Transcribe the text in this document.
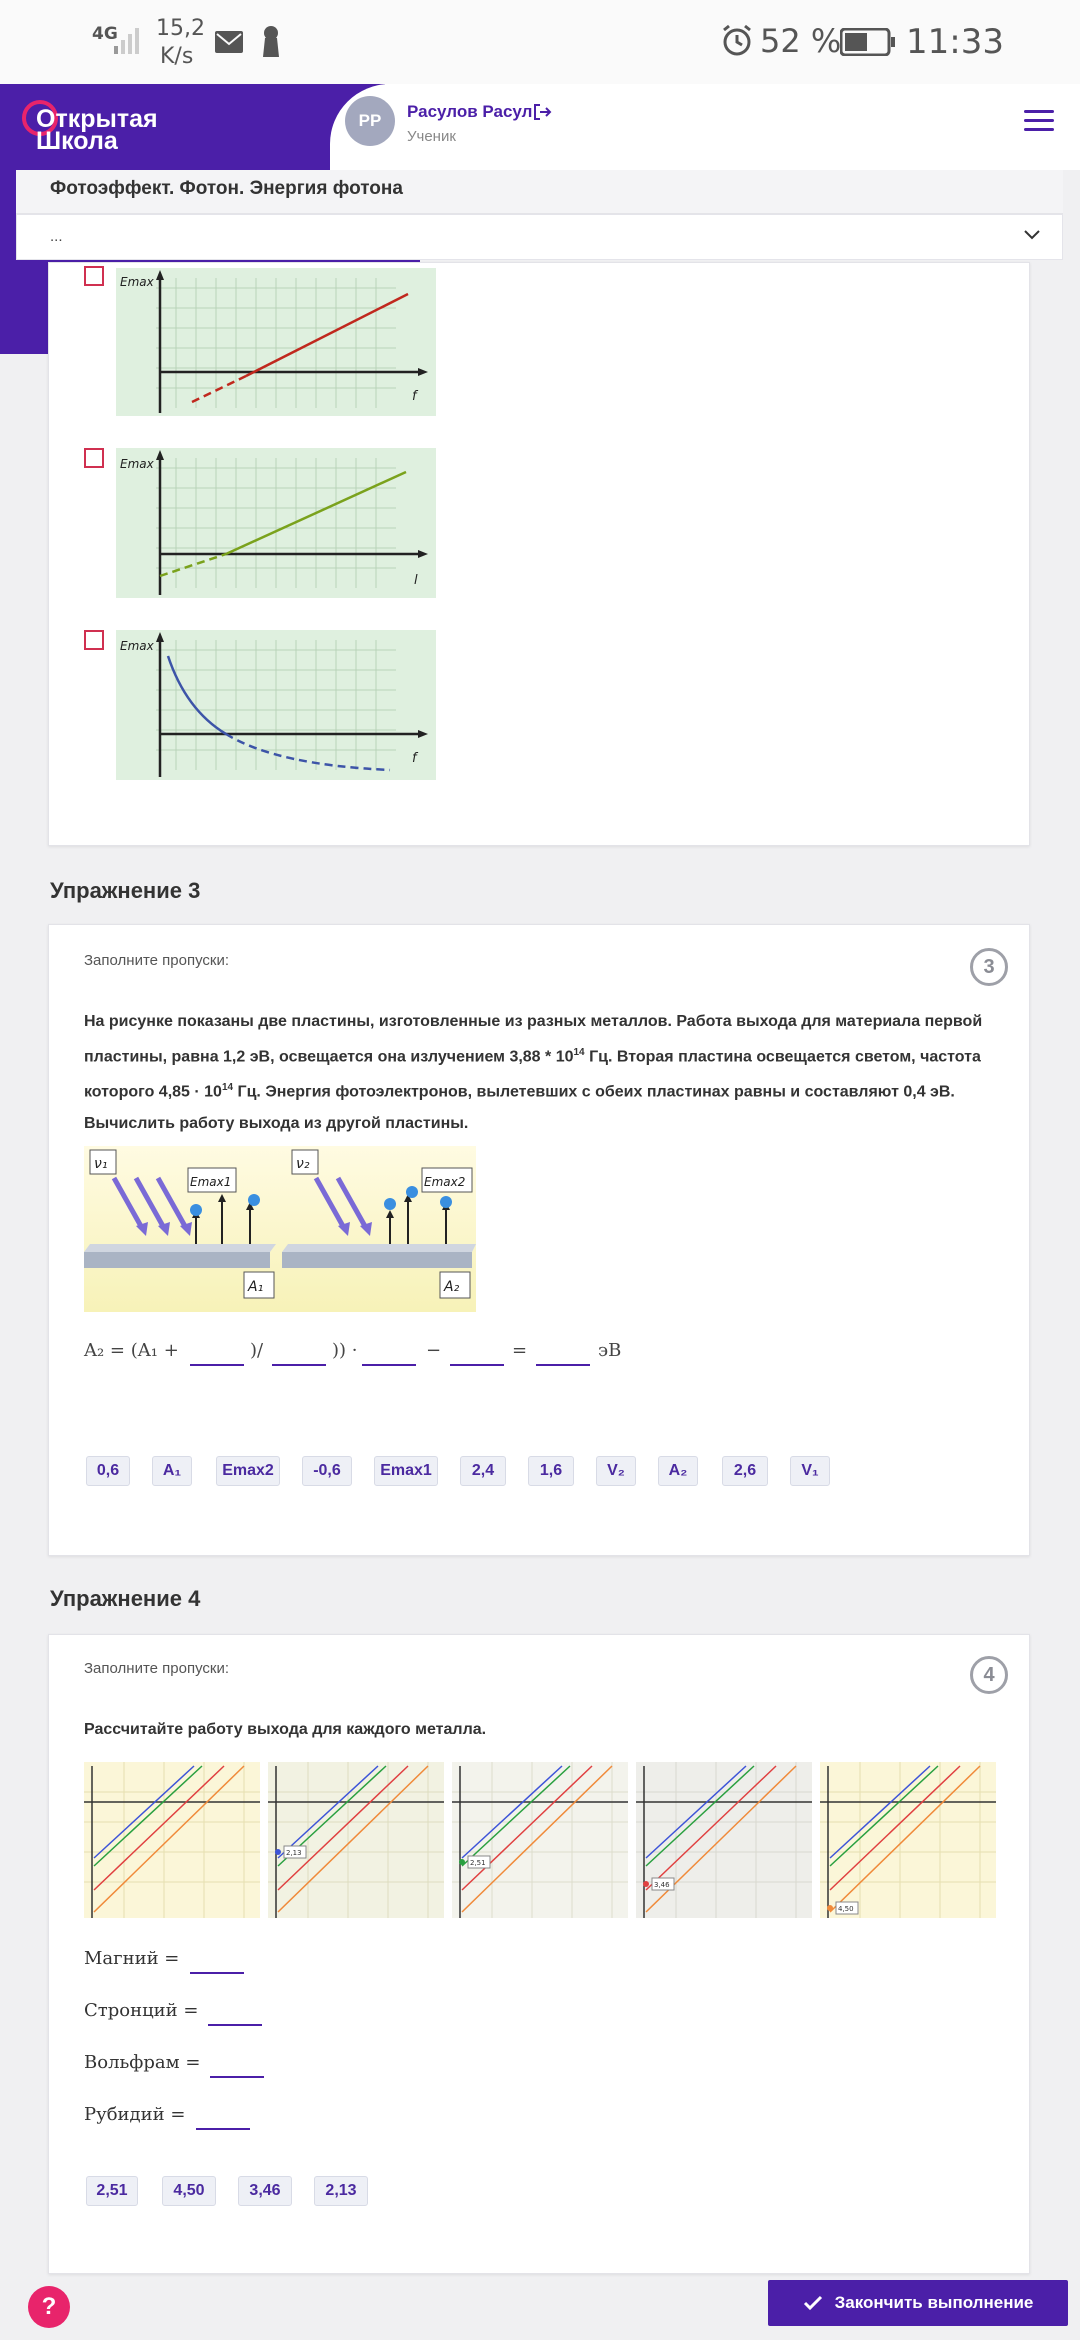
4G 15,2
K/s	52 % 11:33
Открытая
Школа
РР	Расулов Расул
Ученик
Фотоэффект. Фотон. Энергия фотона
...
Emax
f
Emax
l
Emax
f
Упражнение 3
Заполните пропуски:	3
На рисунке показаны две пластины, изготовленные из разных металлов. Работа выхода для материала первой
пластины, равна 1,2 эВ, освещается она излучением $3,88 * 10^{14}$ Гц. Вторая пластина освещается светом, частота
которого $4,85 \cdot 10^{14}$ Гц. Энергия фотоэлектронов, вылетевших с обеих пластинах равны и составляют 0,4 эВ.
Вычислить работу выхода из другой пластины.
ν₁
Emax1
A₁
ν₂
Emax2
A₂
A₂ = (A₁ +	)/	)) ·	−	=	эВ
0,6	A₁	Emax2	-0,6	Emax1	2,4	1,6	V₂	A₂	2,6	V₁
Упражнение 4
Заполните пропуски:	4
Рассчитайте работу выхода для каждого металла.
2,13
2,51
3,46
4,50
Магний =
Стронций =
Вольфрам =
Рубидий =
2,51	4,50	3,46	2,13
?	Закончить выполнение
